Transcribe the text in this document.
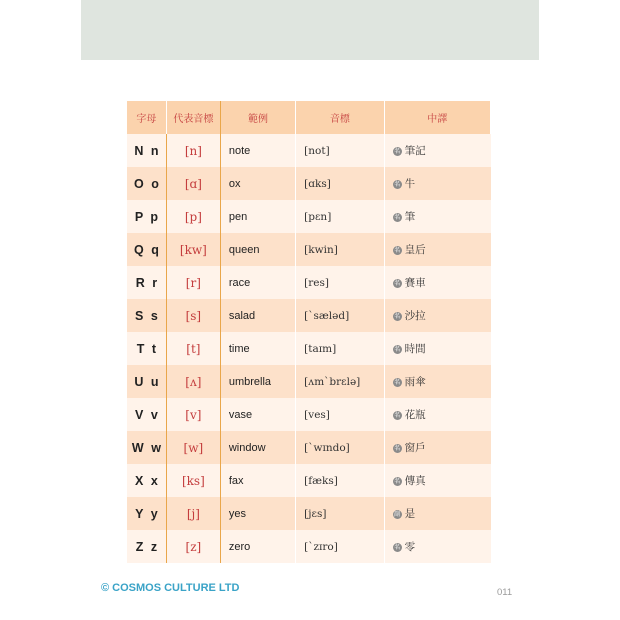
字母	代表音標	範例	音標	中譯
N n	[n]	note	[not]	名 筆記
O o	[ɑ]	ox	[ɑks]	名 牛
P p	[p]	pen	[pɛn]	名 筆
Q q	[kw]	queen	[kwin]	名 皇后
R r	[r]	race	[res]	名 賽車
S s	[s]	salad	[ˋsæləd]	名 沙拉
T t	[t]	time	[taɪm]	名 時間
U u	[ʌ]	umbrella	[ʌmˋbrɛlə]	名 雨傘
V v	[v]	vase	[ves]	名 花瓶
W w	[w]	window	[ˋwɪndo]	名 窗戶
X x	[ks]	fax	[fæks]	名 傳真
Y y	[j]	yes	[jɛs]	副 是
Z z	[z]	zero	[ˋzɪro]	名 零
© COSMOS CULTURE LTD	011
